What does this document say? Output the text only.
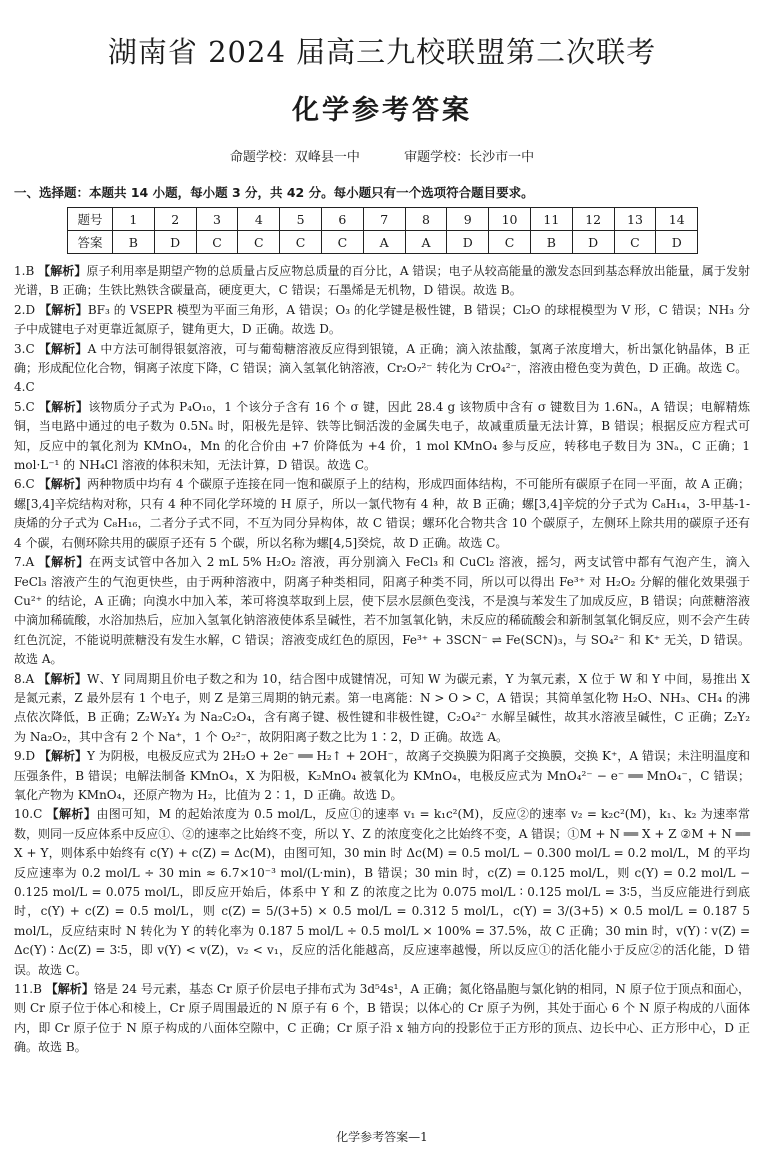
湖南省 2024 届高三九校联盟第二次联考
化学参考答案
命题学校：双峰县一中	审题学校：长沙市一中
一、选择题：本题共 14 小题，每小题 3 分，共 42 分。每小题只有一个选项符合题目要求。
题号	1	2	3	4	5	6	7	8	9	10	11	12	13	14
答案	B	D	C	C	C	C	A	A	D	C	B	D	C	D

1.B 【解析】原子利用率是期望产物的总质量占反应物总质量的百分比，A 错误；电子从较高能量的激发态回到基态释放出能量，属于发射光谱，B 正确；生铁比熟铁含碳量高，硬度更大，C 错误；石墨烯是无机物，D 错误。故选 B。

2.D 【解析】BF₃ 的 VSEPR 模型为平面三角形，A 错误；O₃ 的化学键是极性键，B 错误；Cl₂O 的球棍模型为 V 形，C 错误；NH₃ 分子中成键电子对更靠近氮原子，键角更大，D 正确。故选 D。

3.C 【解析】A 中方法可制得银氨溶液，可与葡萄糖溶液反应得到银镜，A 正确；滴入浓盐酸，氯离子浓度增大，析出氯化钠晶体，B 正确；形成配位化合物，铜离子浓度下降，C 错误；滴入氢氧化钠溶液，Cr₂O₇²⁻ 转化为 CrO₄²⁻，溶液由橙色变为黄色，D 正确。故选 C。

4.C

5.C 【解析】该物质分子式为 P₄O₁₀，1 个该分子含有 16 个 σ 键，因此 28.4 g 该物质中含有 σ 键数目为 1.6Nₐ，A 错误；电解精炼铜，当电路中通过的电子数为 0.5Nₐ 时，阳极先是锌、铁等比铜活泼的金属失电子，故减重质量无法计算，B 错误；根据反应方程式可知，反应中的氧化剂为 KMnO₄，Mn 的化合价由 +7 价降低为 +4 价，1 mol KMnO₄ 参与反应，转移电子数目为 3Nₐ，C 正确；1 mol·L⁻¹ 的 NH₄Cl 溶液的体积未知，无法计算，D 错误。故选 C。

6.C 【解析】两种物质中均有 4 个碳原子连接在同一饱和碳原子上的结构，形成四面体结构，不可能所有碳原子在同一平面，故 A 正确；螺[3,4]辛烷结构对称，只有 4 种不同化学环境的 H 原子，所以一氯代物有 4 种，故 B 正确；螺[3,4]辛烷的分子式为 C₈H₁₄，3-甲基-1-庚烯的分子式为 C₈H₁₆，二者分子式不同，不互为同分异构体，故 C 错误；螺环化合物共含 10 个碳原子，左侧环上除共用的碳原子还有 4 个碳，右侧环除共用的碳原子还有 5 个碳，所以名称为螺[4,5]癸烷，故 D 正确。故选 C。

7.A 【解析】在两支试管中各加入 2 mL 5% H₂O₂ 溶液，再分别滴入 FeCl₃ 和 CuCl₂ 溶液，摇匀，两支试管中都有气泡产生，滴入 FeCl₃ 溶液产生的气泡更快些，由于两种溶液中，阴离子种类相同，阳离子种类不同，所以可以得出 Fe³⁺ 对 H₂O₂ 分解的催化效果强于 Cu²⁺ 的结论，A 正确；向溴水中加入苯，苯可将溴萃取到上层，使下层水层颜色变浅，不是溴与苯发生了加成反应，B 错误；向蔗糖溶液中滴加稀硫酸，水浴加热后，应加入氢氧化钠溶液使体系呈碱性，若不加氢氧化钠，未反应的稀硫酸会和新制氢氧化铜反应，则不会产生砖红色沉淀，不能说明蔗糖没有发生水解，C 错误；溶液变成红色的原因，Fe³⁺ + 3SCN⁻ ⇌ Fe(SCN)₃，与 SO₄²⁻ 和 K⁺ 无关，D 错误。故选 A。

8.A 【解析】W、Y 同周期且价电子数之和为 10，结合图中成键情况，可知 W 为碳元素，Y 为氧元素，X 位于 W 和 Y 中间，易推出 X 是氮元素，Z 最外层有 1 个电子，则 Z 是第三周期的钠元素。第一电离能：N > O > C，A 错误；其简单氢化物 H₂O、NH₃、CH₄ 的沸点依次降低，B 正确；Z₂W₂Y₄ 为 Na₂C₂O₄，含有离子键、极性键和非极性键，C₂O₄²⁻ 水解呈碱性，故其水溶液呈碱性，C 正确；Z₂Y₂ 为 Na₂O₂，其中含有 2 个 Na⁺，1 个 O₂²⁻，故阴阳离子数之比为 1∶2，D 正确。故选 A。

9.D 【解析】Y 为阴极，电极反应式为 2H₂O + 2e⁻ ══ H₂↑ + 2OH⁻，故离子交换膜为阳离子交换膜，交换 K⁺，A 错误；未注明温度和压强条件，B 错误；电解法制备 KMnO₄，X 为阳极，K₂MnO₄ 被氧化为 KMnO₄，电极反应式为 MnO₄²⁻ − e⁻ ══ MnO₄⁻，C 错误；氧化产物为 KMnO₄，还原产物为 H₂，比值为 2∶1，D 正确。故选 D。

10.C 【解析】由图可知，M 的起始浓度为 0.5 mol/L，反应①的速率 v₁ = k₁c²(M)，反应②的速率 v₂ = k₂c²(M)，k₁、k₂ 为速率常数，则同一反应体系中反应①、②的速率之比始终不变，所以 Y、Z 的浓度变化之比始终不变，A 错误；①M + N ══ X + Z ②M + N ══ X + Y，则体系中始终有 c(Y) + c(Z) = Δc(M)，由图可知，30 min 时 Δc(M) = 0.5 mol/L − 0.300 mol/L = 0.2 mol/L，M 的平均反应速率为 0.2 mol/L ÷ 30 min ≈ 6.7×10⁻³ mol/(L·min)，B 错误；30 min 时，c(Z) = 0.125 mol/L，则 c(Y) = 0.2 mol/L − 0.125 mol/L = 0.075 mol/L，即反应开始后，体系中 Y 和 Z 的浓度之比为 0.075 mol/L ∶ 0.125 mol/L = 3∶5，当反应能进行到底时，c(Y) + c(Z) = 0.5 mol/L，则 c(Z) = 5/(3+5) × 0.5 mol/L = 0.312 5 mol/L，c(Y) = 3/(3+5) × 0.5 mol/L = 0.187 5 mol/L，反应结束时 N 转化为 Y 的转化率为 0.187 5 mol/L ÷ 0.5 mol/L × 100% = 37.5%，故 C 正确；30 min 时，v(Y) ∶ v(Z) = Δc(Y) ∶ Δc(Z) = 3∶5，即 v(Y) < v(Z)，v₂ < v₁，反应的活化能越高，反应速率越慢，所以反应①的活化能小于反应②的活化能，D 错误。故选 C。

11.B 【解析】铬是 24 号元素，基态 Cr 原子价层电子排布式为 3d⁵4s¹，A 正确；氮化铬晶胞与氯化钠的相同，N 原子位于顶点和面心，则 Cr 原子位于体心和棱上，Cr 原子周围最近的 N 原子有 6 个，B 错误；以体心的 Cr 原子为例，其处于面心 6 个 N 原子构成的八面体内，即 Cr 原子位于 N 原子构成的八面体空隙中，C 正确；Cr 原子沿 x 轴方向的投影位于正方形的顶点、边长中心、正方形中心，D 正确。故选 B。

化学参考答案—1
